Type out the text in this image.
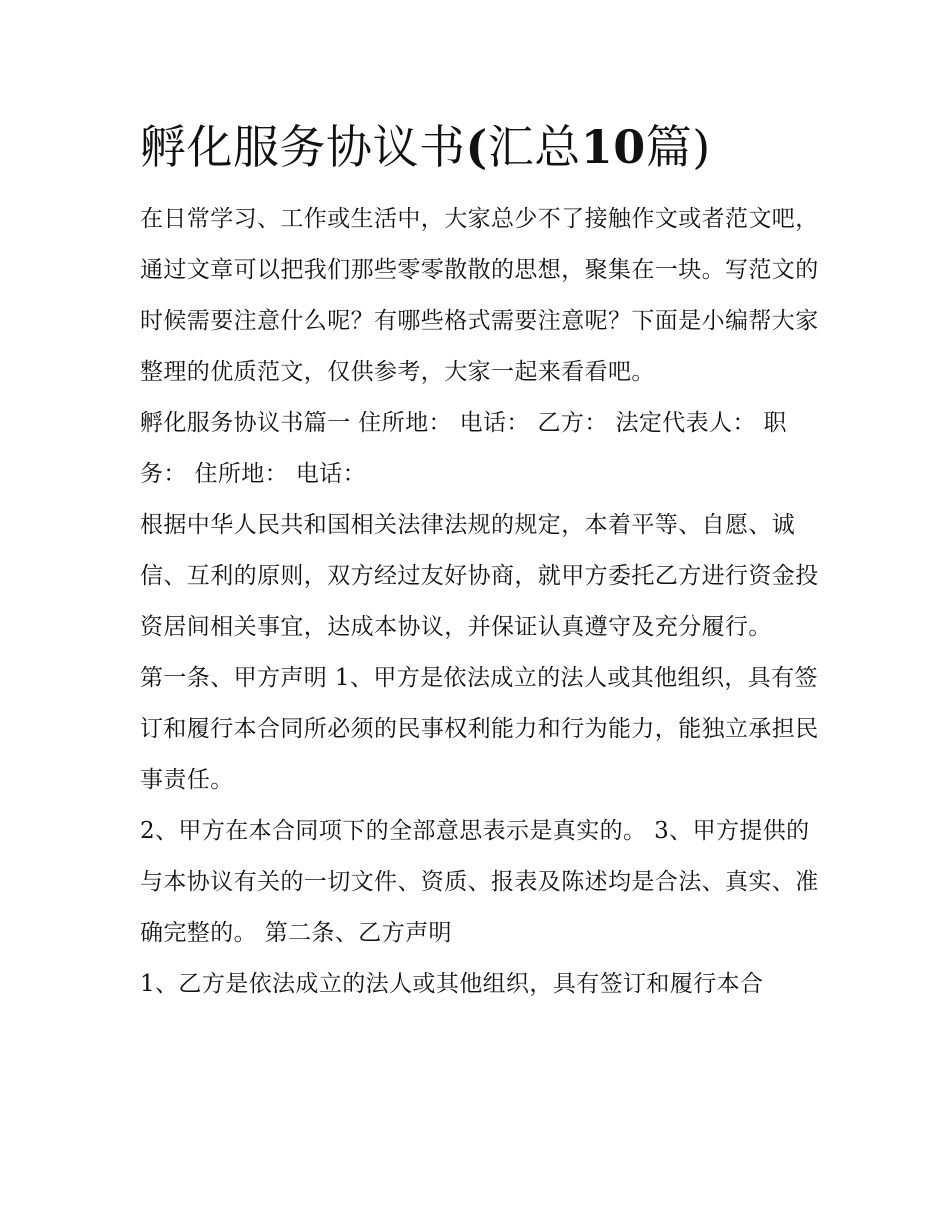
孵化服务协议书(汇总10篇)

在日常学习、工作或生活中，大家总少不了接触作文或者范文吧，通过文章可以把我们那些零零散散的思想，聚集在一块。写范文的时候需要注意什么呢？有哪些格式需要注意呢？下面是小编帮大家整理的优质范文，仅供参考，大家一起来看看吧。

孵化服务协议书篇一 住所地： 电话： 乙方： 法定代表人： 职务： 住所地： 电话：

根据中华人民共和国相关法律法规的规定，本着平等、自愿、诚信、互利的原则，双方经过友好协商，就甲方委托乙方进行资金投资居间相关事宜，达成本协议，并保证认真遵守及充分履行。

第一条、甲方声明 1、甲方是依法成立的法人或其他组织，具有签订和履行本合同所必须的民事权利能力和行为能力，能独立承担民事责任。

2、甲方在本合同项下的全部意思表示是真实的。 3、甲方提供的与本协议有关的一切文件、资质、报表及陈述均是合法、真实、准确完整的。 第二条、乙方声明

1、乙方是依法成立的法人或其他组织，具有签订和履行本合
